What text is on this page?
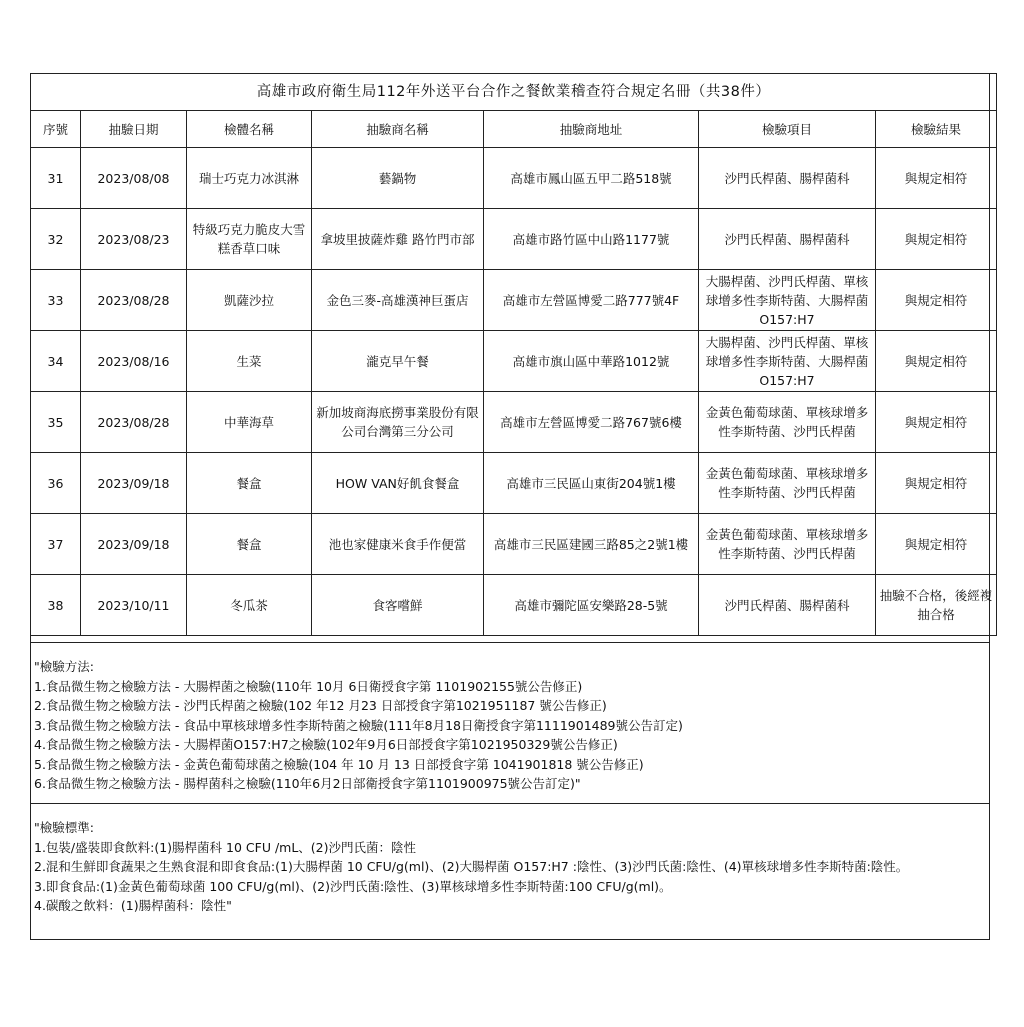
高雄市政府衛生局112年外送平台合作之餐飲業稽查符合規定名冊（共38件）						
序號	抽驗日期	檢體名稱	抽驗商名稱	抽驗商地址	檢驗項目	檢驗結果
31	2023/08/08	瑞士巧克力冰淇淋	藝鍋物	高雄市鳳山區五甲二路518號	沙門氏桿菌、腸桿菌科	與規定相符
32	2023/08/23	特級巧克力脆皮大雪糕香草口味	拿坡里披薩炸雞 路竹門市部	高雄市路竹區中山路1177號	沙門氏桿菌、腸桿菌科	與規定相符
33	2023/08/28	凱薩沙拉	金色三麥-高雄漢神巨蛋店	高雄市左營區博愛二路777號4F	大腸桿菌、沙門氏桿菌、單核球增多性李斯特菌、大腸桿菌O157:H7	與規定相符
34	2023/08/16	生菜	瀧克早午餐	高雄市旗山區中華路1012號	大腸桿菌、沙門氏桿菌、單核球增多性李斯特菌、大腸桿菌O157:H7	與規定相符
35	2023/08/28	中華海草	新加坡商海底撈事業股份有限公司台灣第三分公司	高雄市左營區博愛二路767號6樓	金黃色葡萄球菌、單核球增多性李斯特菌、沙門氏桿菌	與規定相符
36	2023/09/18	餐盒	HOW VAN好飢食餐盒	高雄市三民區山東街204號1樓	金黃色葡萄球菌、單核球增多性李斯特菌、沙門氏桿菌	與規定相符
37	2023/09/18	餐盒	池也家健康米食手作便當	高雄市三民區建國三路85之2號1樓	金黃色葡萄球菌、單核球增多性李斯特菌、沙門氏桿菌	與規定相符
38	2023/10/11	冬瓜茶	食客嚐鮮	高雄市彌陀區安樂路28-5號	沙門氏桿菌、腸桿菌科	抽驗不合格，後經複抽合格
"檢驗方法:
1.食品微生物之檢驗方法 - 大腸桿菌之檢驗(110年 10月 6日衛授食字第 1101902155號公告修正)
2.食品微生物之檢驗方法 - 沙門氏桿菌之檢驗(102 年12 月23 日部授食字第1021951187 號公告修正)
3.食品微生物之檢驗方法 - 食品中單核球增多性李斯特菌之檢驗(111年8月18日衛授食字第1111901489號公告訂定)
4.食品微生物之檢驗方法 - 大腸桿菌O157:H7之檢驗(102年9月6日部授食字第1021950329號公告修正)
5.食品微生物之檢驗方法 - 金黃色葡萄球菌之檢驗(104 年 10 月 13 日部授食字第 1041901818 號公告修正)
6.食品微生物之檢驗方法 - 腸桿菌科之檢驗(110年6月2日部衛授食字第1101900975號公告訂定)"
"檢驗標準:
1.包裝/盛裝即食飲料:(1)腸桿菌科 10 CFU /mL、(2)沙門氏菌：陰性
2.混和生鮮即食蔬果之生熟食混和即食食品:(1)大腸桿菌 10 CFU/g(ml)、(2)大腸桿菌 O157:H7 :陰性、(3)沙門氏菌:陰性、(4)單核球增多性李斯特菌:陰性。
3.即食食品:(1)金黃色葡萄球菌 100 CFU/g(ml)、(2)沙門氏菌:陰性、(3)單核球增多性李斯特菌:100 CFU/g(ml)。
4.碳酸之飲料：(1)腸桿菌科：陰性"
